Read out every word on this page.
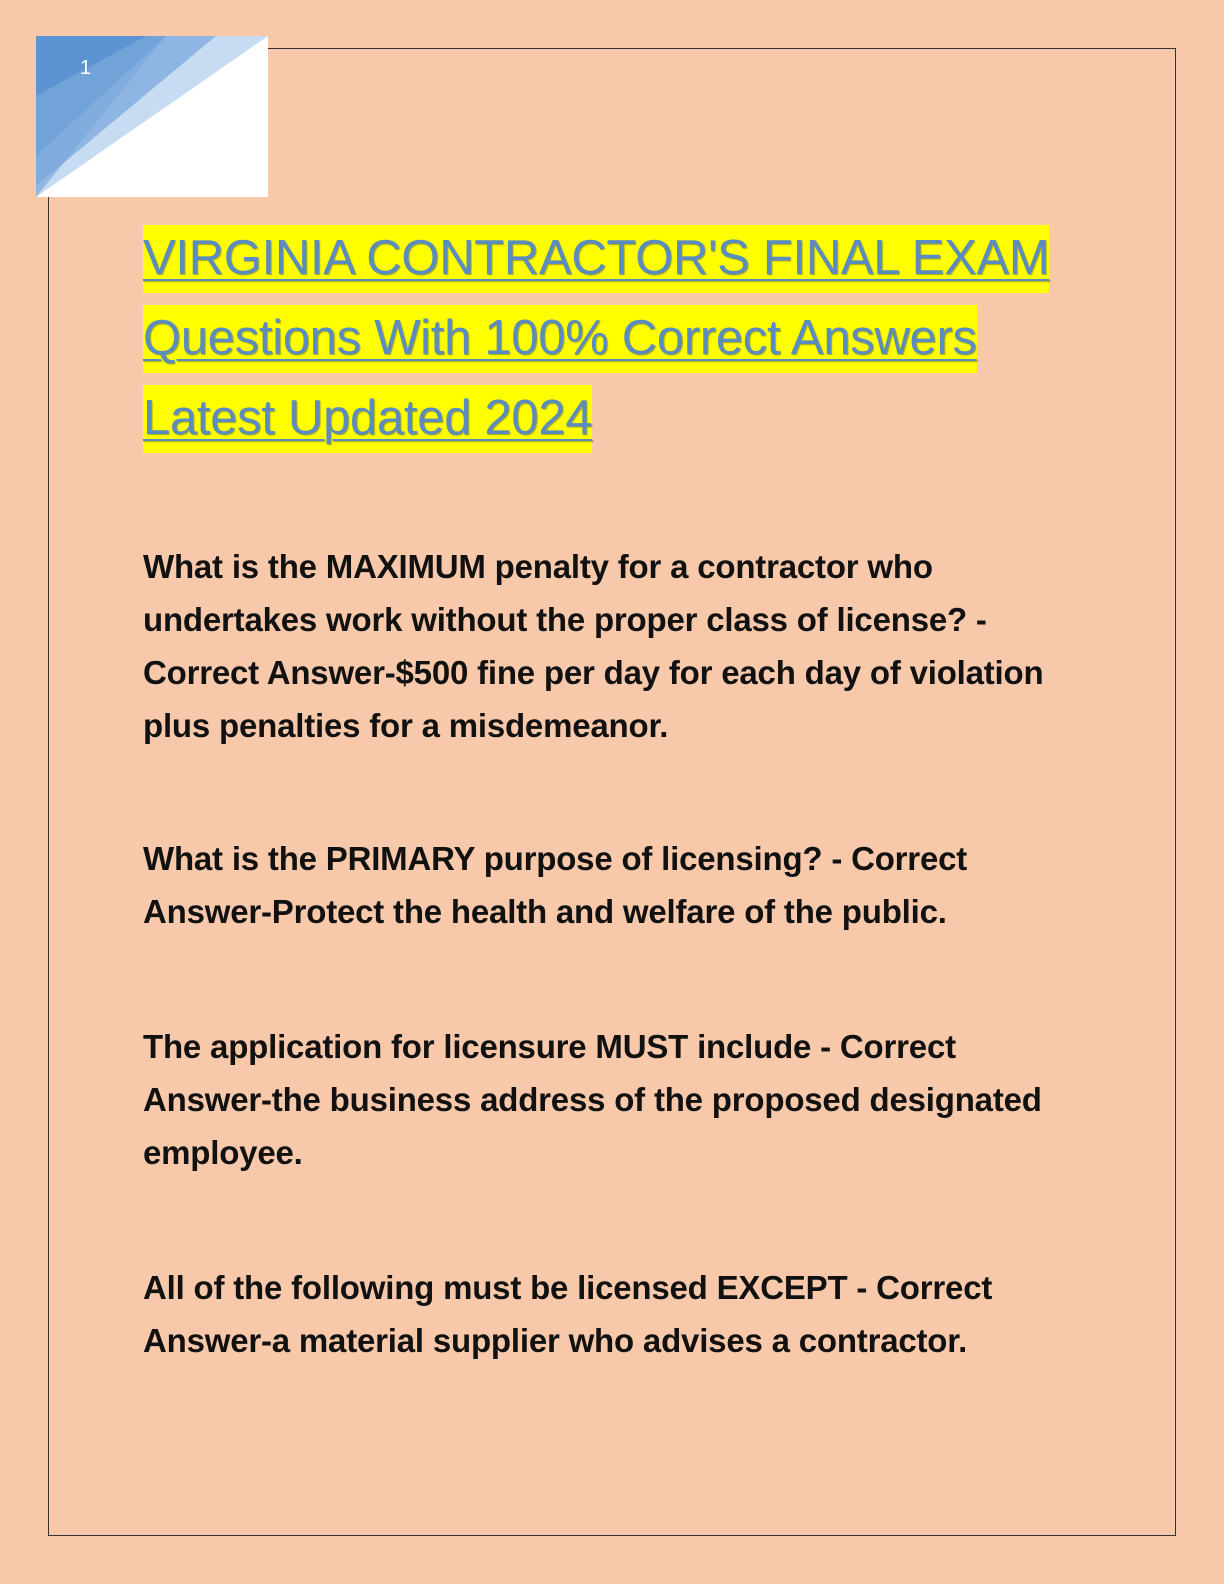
1
VIRGINIA CONTRACTOR'S FINAL EXAM
Questions With 100% Correct Answers
Latest Updated 2024

What is the MAXIMUM penalty for a contractor who undertakes work without the proper class of license? - Correct Answer-$500 fine per day for each day of violation plus penalties for a misdemeanor.

What is the PRIMARY purpose of licensing? - Correct Answer-Protect the health and welfare of the public.

The application for licensure MUST include - Correct Answer-the business address of the proposed designated employee.

All of the following must be licensed EXCEPT - Correct Answer-a material supplier who advises a contractor.
